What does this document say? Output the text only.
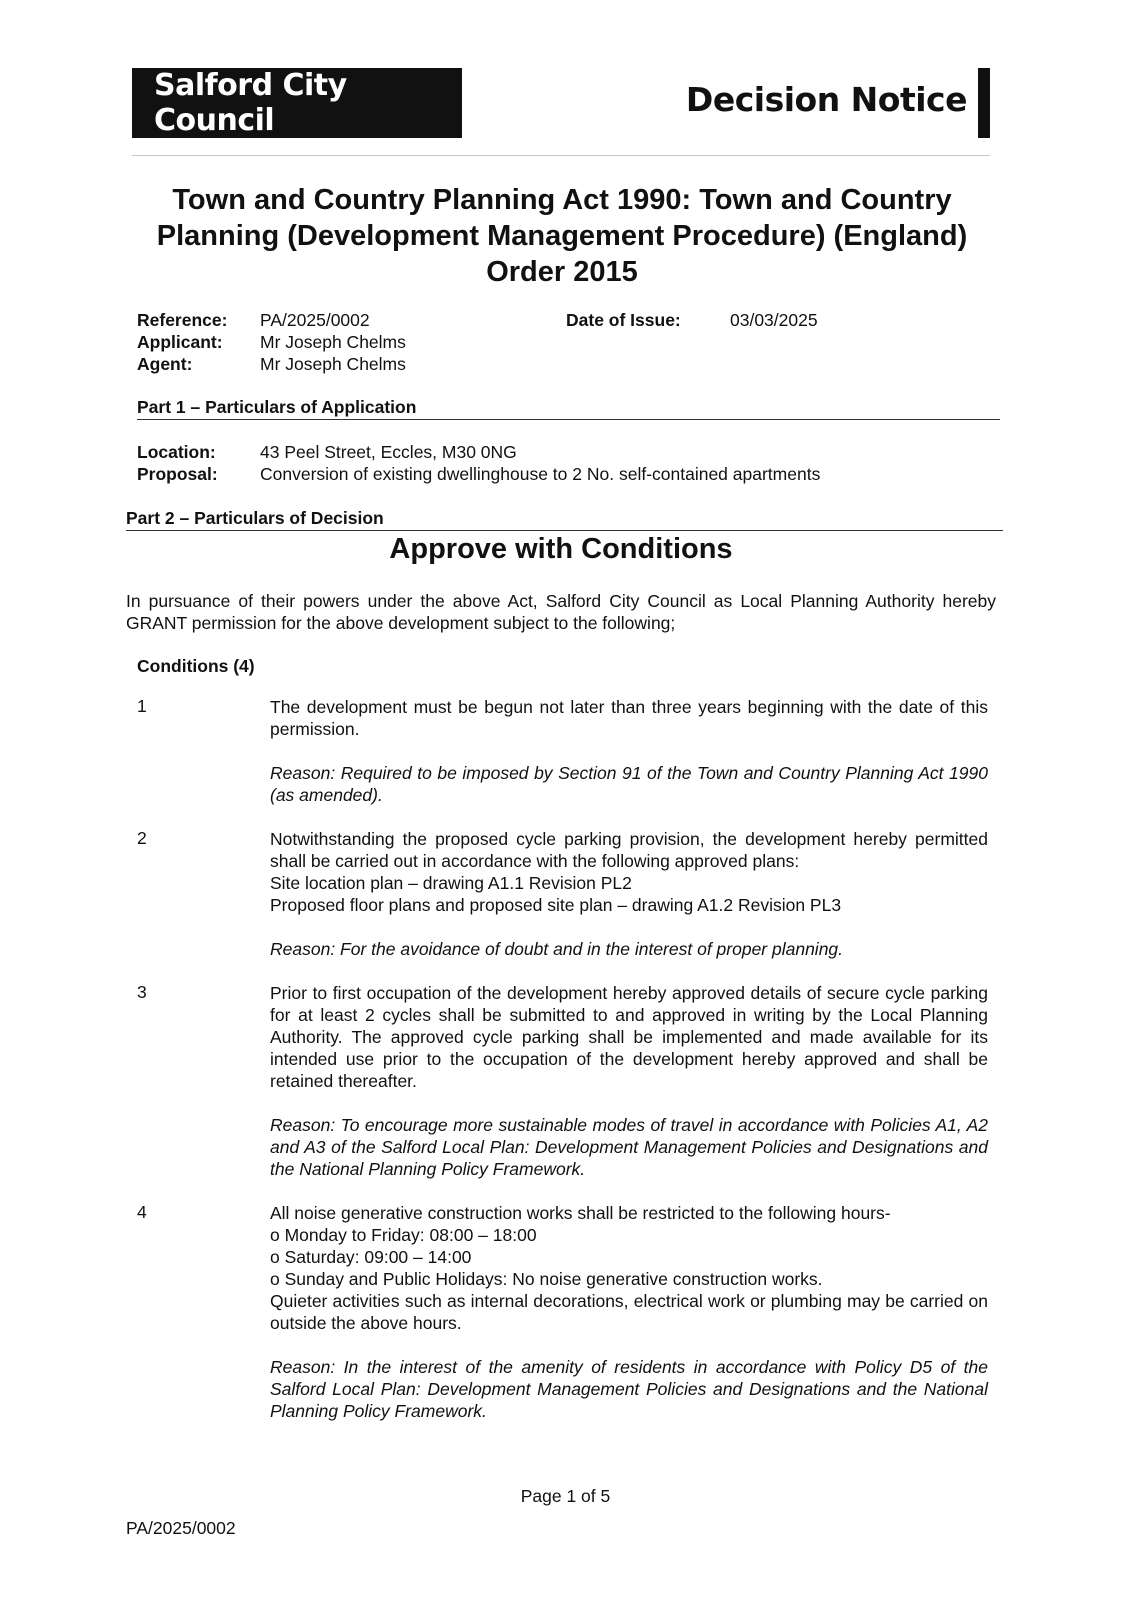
Salford City Council
Decision Notice
Town and Country Planning Act 1990: Town and Country Planning (Development Management Procedure) (England) Order 2015
Reference: PA/2025/0002	Date of Issue:	03/03/2025
Applicant: Mr Joseph Chelms
Agent:	Mr Joseph Chelms
Part 1 – Particulars of Application
Location:	43 Peel Street, Eccles, M30 0NG
Proposal: Conversion of existing dwellinghouse to 2 No. self-contained apartments
Part 2 – Particulars of Decision
Approve with Conditions
In pursuance of their powers under the above Act, Salford City Council as Local Planning Authority hereby GRANT permission for the above development subject to the following;
Conditions (4)
1	The development must be begun not later than three years beginning with the date of this permission.
Reason: Required to be imposed by Section 91 of the Town and Country Planning Act 1990 (as amended).
2	Notwithstanding the proposed cycle parking provision, the development hereby permitted shall be carried out in accordance with the following approved plans:
Site location plan – drawing A1.1 Revision PL2
Proposed floor plans and proposed site plan – drawing A1.2 Revision PL3
Reason: For the avoidance of doubt and in the interest of proper planning.
3	Prior to first occupation of the development hereby approved details of secure cycle parking for at least 2 cycles shall be submitted to and approved in writing by the Local Planning Authority. The approved cycle parking shall be implemented and made available for its intended use prior to the occupation of the development hereby approved and shall be retained thereafter.
Reason: To encourage more sustainable modes of travel in accordance with Policies A1, A2 and A3 of the Salford Local Plan: Development Management Policies and Designations and the National Planning Policy Framework.
4	All noise generative construction works shall be restricted to the following hours-
o Monday to Friday: 08:00 – 18:00
o Saturday: 09:00 – 14:00
o Sunday and Public Holidays: No noise generative construction works.
Quieter activities such as internal decorations, electrical work or plumbing may be carried on outside the above hours.
Reason: In the interest of the amenity of residents in accordance with Policy D5 of the Salford Local Plan: Development Management Policies and Designations and the National Planning Policy Framework.
Page 1 of 5
PA/2025/0002
